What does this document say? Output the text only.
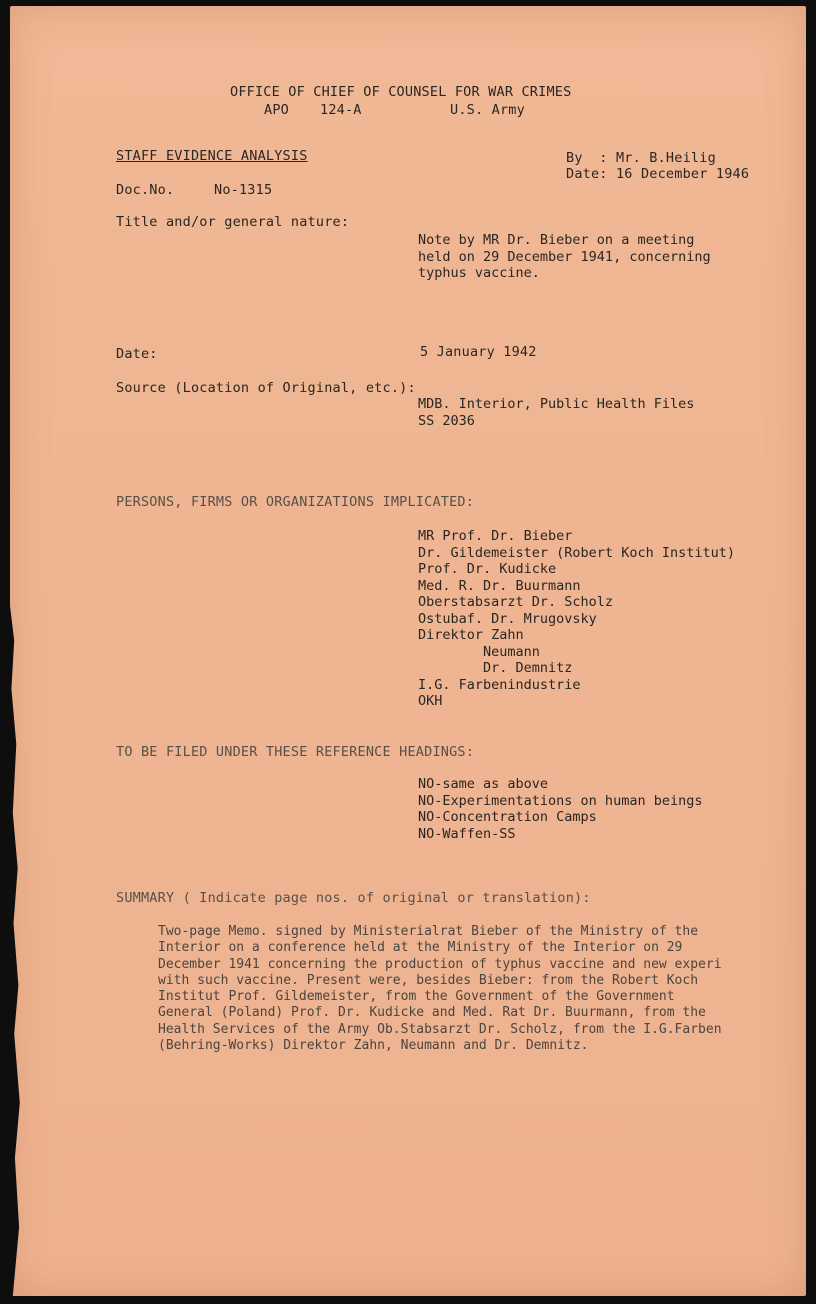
OFFICE OF CHIEF OF COUNSEL FOR WAR CRIMES
APO 124-A	U.S. Army
STAFF EVIDENCE ANALYSIS	By  : Mr. B.Heilig
Date: 16 December 1946
Doc.No.	No-1315
Title and/or general nature:
Note by MR Dr. Bieber on a meeting
held on 29 December 1941, concerning
typhus vaccine.
Date:	5 January 1942
Source (Location of Original, etc.):
MDB. Interior, Public Health Files
SS 2036
PERSONS, FIRMS OR ORGANIZATIONS IMPLICATED:
MR Prof. Dr. Bieber
Dr. Gildemeister (Robert Koch Institut)
Prof. Dr. Kudicke
Med. R. Dr. Buurmann
Oberstabsarzt Dr. Scholz
Ostubaf. Dr. Mrugovsky
Direktor Zahn
Neumann
Dr. Demnitz
I.G. Farbenindustrie
OKH
TO BE FILED UNDER THESE REFERENCE HEADINGS:
NO-same as above
NO-Experimentations on human beings
NO-Concentration Camps
NO-Waffen-SS
SUMMARY ( Indicate page nos. of original or translation):
Two-page Memo. signed by Ministerialrat Bieber of the Ministry of the
Interior on a conference held at the Ministry of the Interior on 29
December 1941 concerning the production of typhus vaccine and new experi
with such vaccine. Present were, besides Bieber: from the Robert Koch
Institut Prof. Gildemeister, from the Government of the Government
General (Poland) Prof. Dr. Kudicke and Med. Rat Dr. Buurmann, from the
Health Services of the Army Ob.Stabsarzt Dr. Scholz, from the I.G.Farben
(Behring-Works) Direktor Zahn, Neumann and Dr. Demnitz.
